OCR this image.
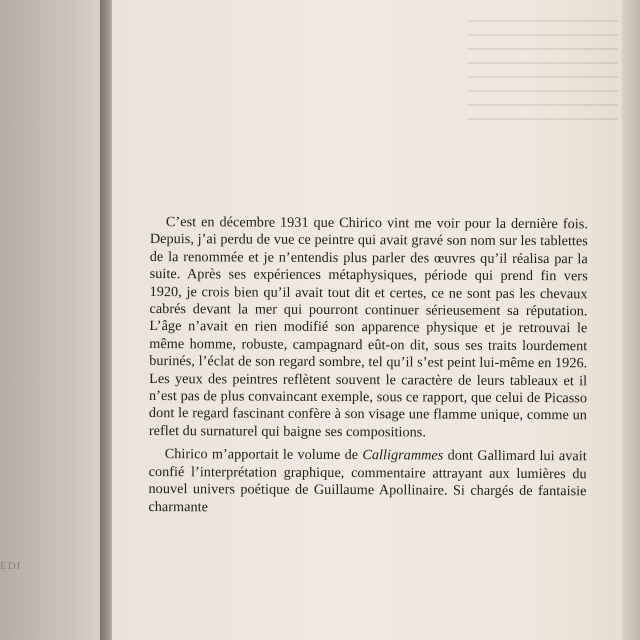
EDI

C’est en décembre 1931 que Chirico vint me voir pour la dernière fois. Depuis, j’ai perdu de vue ce peintre qui avait gravé son nom sur les tablettes de la renommée et je n’entendis plus parler des œuvres qu’il réalisa par la suite. Après ses expériences métaphysiques, période qui prend fin vers 1920, je crois bien qu’il avait tout dit et certes, ce ne sont pas les chevaux cabrés devant la mer qui pourront continuer sérieusement sa réputation. L’âge n’avait en rien modifié son apparence physique et je retrouvai le même homme, robuste, campagnard eût-on dit, sous ses traits lourdement burinés, l’éclat de son regard sombre, tel qu’il s’est peint lui-même en 1926. Les yeux des peintres reflètent souvent le caractère de leurs tableaux et il n’est pas de plus convaincant exemple, sous ce rapport, que celui de Picasso dont le regard fascinant confère à son visage une flamme unique, comme un reflet du surnaturel qui baigne ses compositions.

Chirico m’apportait le volume de Calligrammes dont Gallimard lui avait confié l’interprétation graphique, commentaire attrayant aux lumières du nouvel univers poétique de Guillaume Apollinaire. Si chargés de fantaisie charmante
